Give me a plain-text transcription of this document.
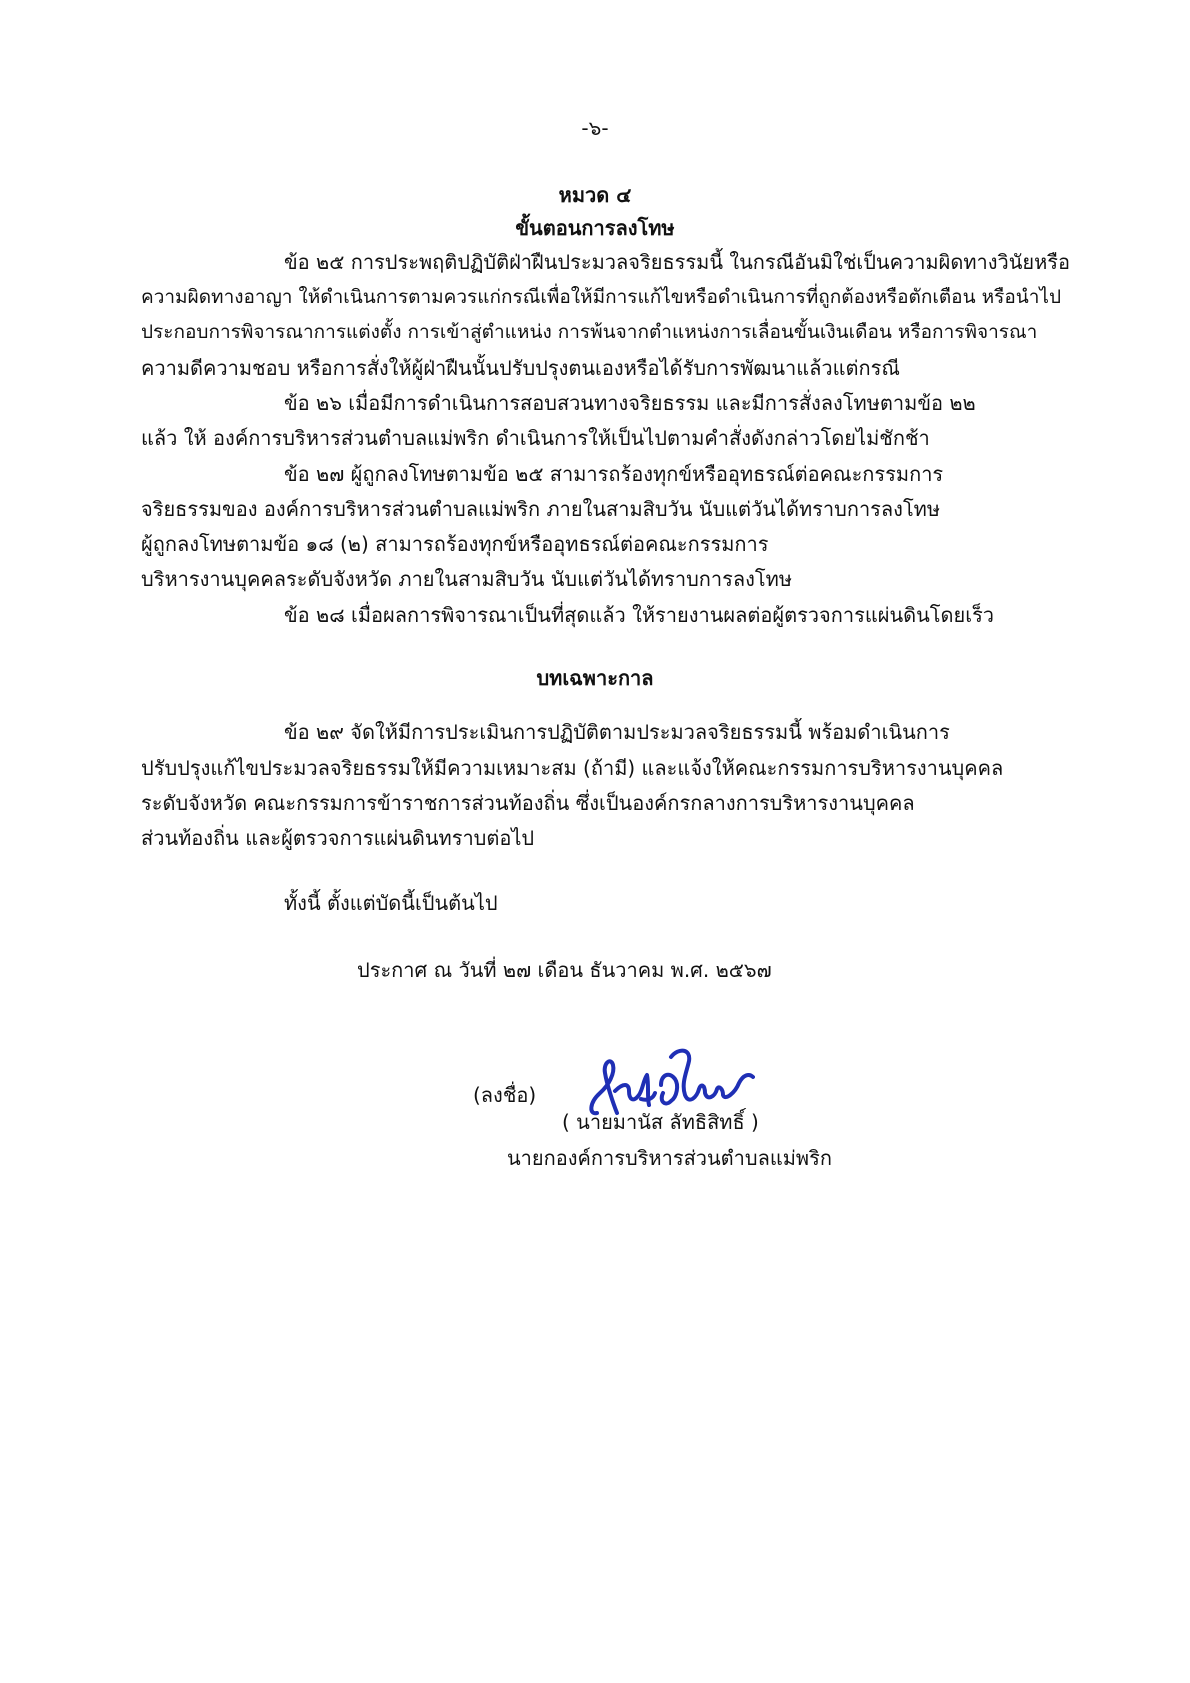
-๖-
หมวด ๔
ขั้นตอนการลงโทษ
ข้อ ๒๕ การประพฤติปฏิบัติฝ่าฝืนประมวลจริยธรรมนี้ ในกรณีอันมิใช่เป็นความผิดทางวินัยหรือ
ความผิดทางอาญา ให้ดำเนินการตามควรแก่กรณีเพื่อให้มีการแก้ไขหรือดำเนินการที่ถูกต้องหรือตักเตือน หรือนำไป
ประกอบการพิจารณาการแต่งตั้ง การเข้าสู่ตำแหน่ง การพ้นจากตำแหน่งการเลื่อนขั้นเงินเดือน หรือการพิจารณา
ความดีความชอบ หรือการสั่งให้ผู้ฝ่าฝืนนั้นปรับปรุงตนเองหรือได้รับการพัฒนาแล้วแต่กรณี
ข้อ ๒๖ เมื่อมีการดำเนินการสอบสวนทางจริยธรรม และมีการสั่งลงโทษตามข้อ ๒๒
แล้ว ให้ องค์การบริหารส่วนตำบลแม่พริก ดำเนินการให้เป็นไปตามคำสั่งดังกล่าวโดยไม่ชักช้า
ข้อ ๒๗ ผู้ถูกลงโทษตามข้อ ๒๕ สามารถร้องทุกข์หรืออุทธรณ์ต่อคณะกรรมการ
จริยธรรมของ องค์การบริหารส่วนตำบลแม่พริก ภายในสามสิบวัน นับแต่วันได้ทราบการลงโทษ
ผู้ถูกลงโทษตามข้อ ๑๘ (๒) สามารถร้องทุกข์หรืออุทธรณ์ต่อคณะกรรมการ
บริหารงานบุคคลระดับจังหวัด ภายในสามสิบวัน นับแต่วันได้ทราบการลงโทษ
ข้อ ๒๘ เมื่อผลการพิจารณาเป็นที่สุดแล้ว ให้รายงานผลต่อผู้ตรวจการแผ่นดินโดยเร็ว
บทเฉพาะกาล
ข้อ ๒๙ จัดให้มีการประเมินการปฏิบัติตามประมวลจริยธรรมนี้ พร้อมดำเนินการ
ปรับปรุงแก้ไขประมวลจริยธรรมให้มีความเหมาะสม (ถ้ามี) และแจ้งให้คณะกรรมการบริหารงานบุคคล
ระดับจังหวัด คณะกรรมการข้าราชการส่วนท้องถิ่น ซึ่งเป็นองค์กรกลางการบริหารงานบุคคล
ส่วนท้องถิ่น และผู้ตรวจการแผ่นดินทราบต่อไป
ทั้งนี้ ตั้งแต่บัดนี้เป็นต้นไป
ประกาศ ณ วันที่ ๒๗ เดือน ธันวาคม พ.ศ. ๒๕๖๗
(ลงชื่อ)
( นายมานัส ลัทธิสิทธิ์ )
นายกองค์การบริหารส่วนตำบลแม่พริก
